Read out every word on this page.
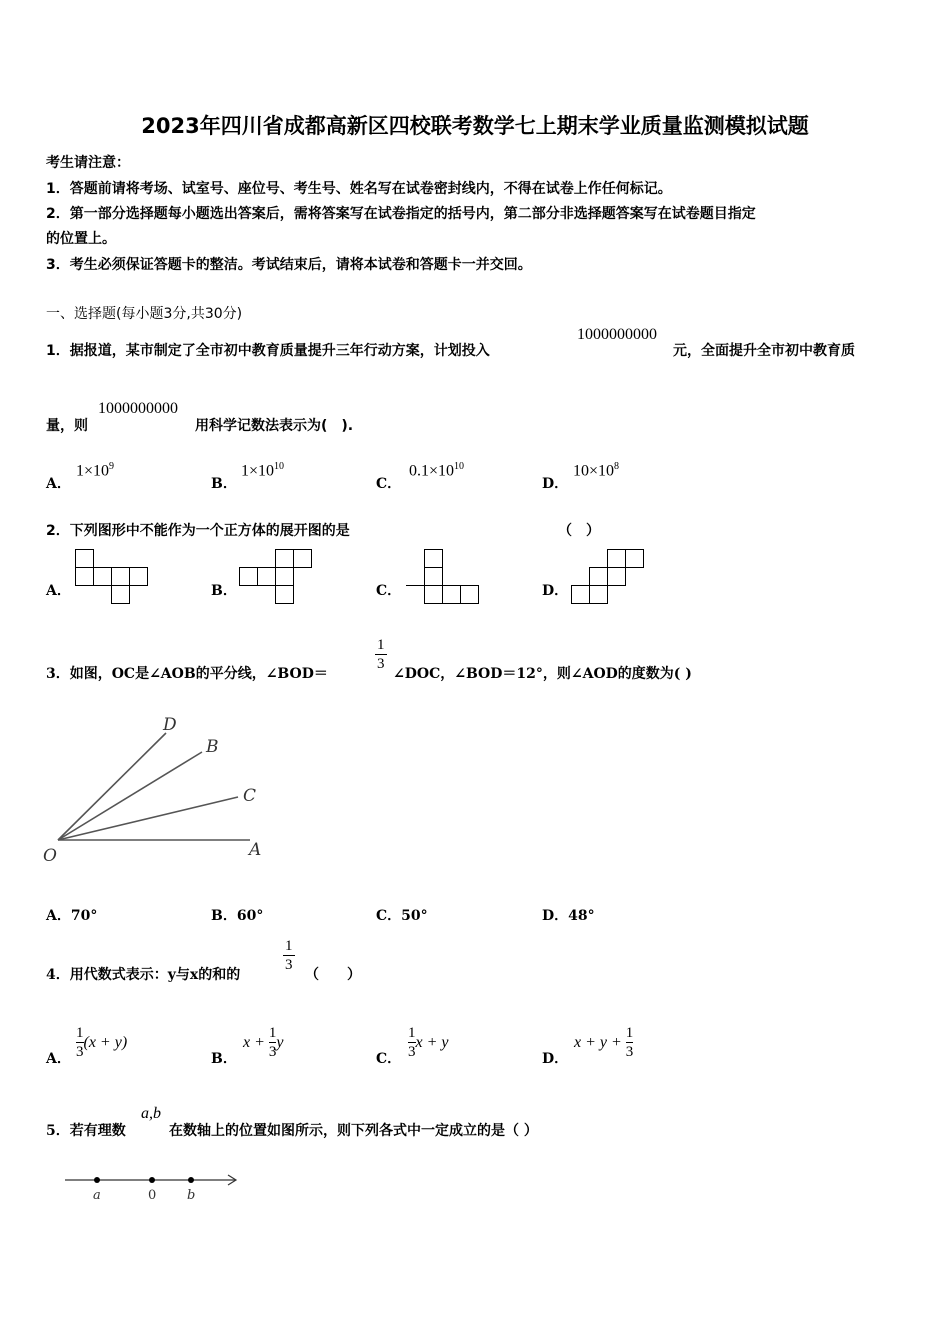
2023年四川省成都高新区四校联考数学七上期末学业质量监测模拟试题
考生请注意：
1．答题前请将考场、试室号、座位号、考生号、姓名写在试卷密封线内，不得在试卷上作任何标记。
2．第一部分选择题每小题选出答案后，需将答案写在试卷指定的括号内，第二部分非选择题答案写在试卷题目指定
的位置上。
3．考生必须保证答题卡的整洁。考试结束后，请将本试卷和答题卡一并交回。
一、选择题(每小题3分,共30分)
1．据报道，某市制定了全市初中教育质量提升三年行动方案，计划投入
1000000000
元，全面提升全市初中教育质
量，则
1000000000
用科学记数法表示为(　).
A．
$1\times 10^9$
B．
$1\times 10^{10}$
C．
$0.1\times 10^{10}$
D．
$10\times 10^8$
2．下列图形中不能作为一个正方体的展开图的是	（　）
A．	B．	C．	D．
3．如图，OC是∠AOB的平分线，∠BOD＝
$\frac{1}{3}$
∠DOC，∠BOD＝12°，则∠AOD的度数为( )
D
B
C
O	A
A．70°	B．60°	C．50°	D．48°
4．用代数式表示：y与x的和的
$\frac{1}{3}$
（　　）
A． $\frac{1}{3} (x + y)$
B．
$x + \frac{1}{3}$ y
C． $\frac{1}{3}$ x + y
D．
$x + y + \frac{1}{3}$
5．若有理数
a,b
在数轴上的位置如图所示，则下列各式中一定成立的是（ ）
a	0 b
